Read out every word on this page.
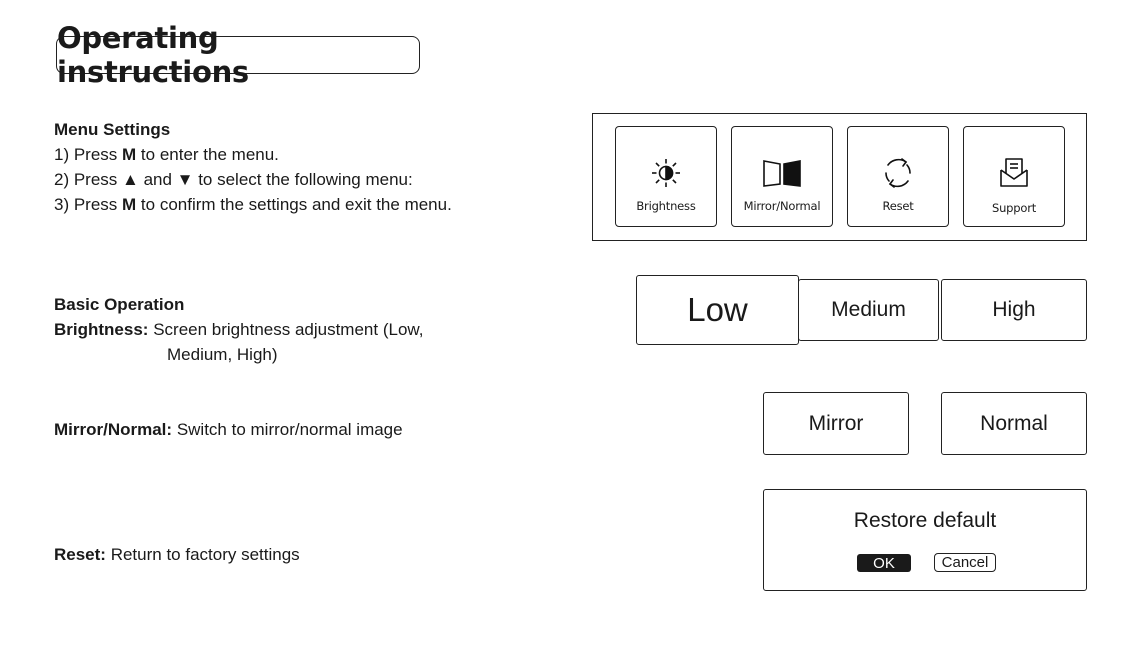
Operating instructions
Menu Settings
1) Press M to enter the menu.
2) Press ▲ and ▼ to select the following menu:
3) Press M to confirm the settings and exit the menu.	Brightness	Mirror/Normal	Reset	Support
Basic Operation
Brightness: Screen brightness adjustment (Low,
Medium, High)
Mirror/Normal: Switch to mirror/normal image
Reset: Return to factory settings
Medium	High
Low
Mirror	Normal
Restore default
OK	Cancel
